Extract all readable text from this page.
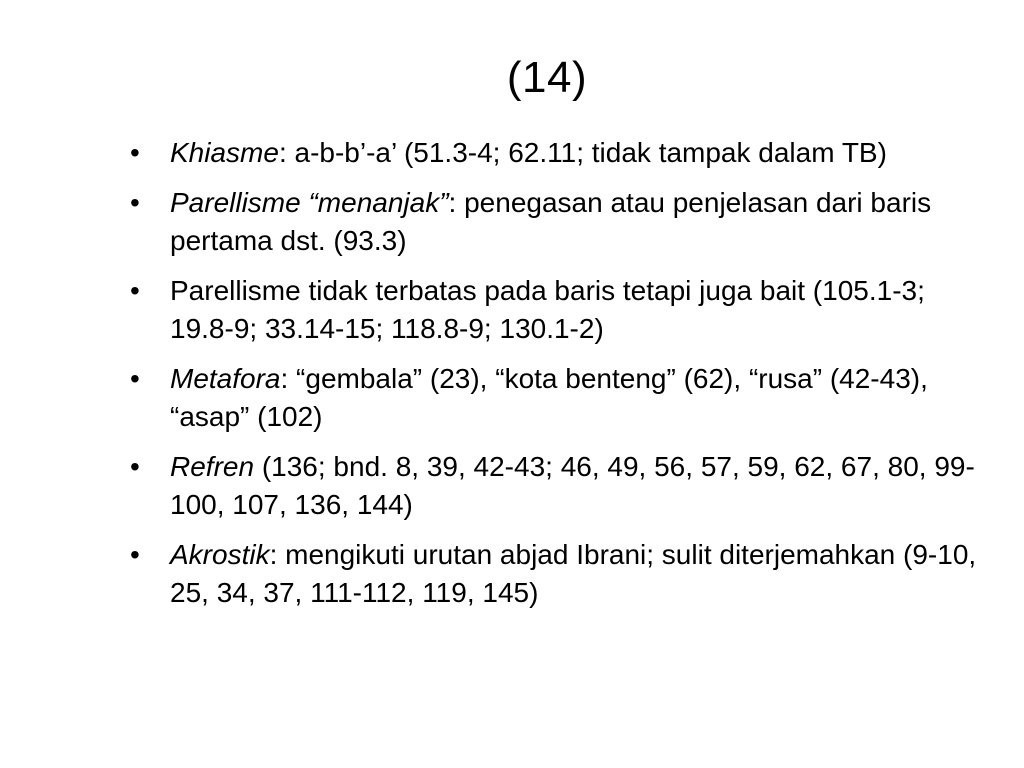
(14)
•	Khiasme: a-b-b’-a’ (51.3-4; 62.11; tidak tampak dalam TB)
•	Parellisme “menanjak”: penegasan atau penjelasan dari baris pertama dst. (93.3)
•	Parellisme tidak terbatas pada baris tetapi juga bait (105.1-3; 19.8-9; 33.14-15; 118.8-9; 130.1-2)
•	Metafora: “gembala” (23), “kota benteng” (62), “rusa” (42-43), “asap” (102)
•	Refren (136; bnd. 8, 39, 42-43; 46, 49, 56, 57, 59, 62, 67, 80, 99-100, 107, 136, 144)
•	Akrostik: mengikuti urutan abjad Ibrani; sulit diterjemahkan (9-10, 25, 34, 37, 111-112, 119, 145)
